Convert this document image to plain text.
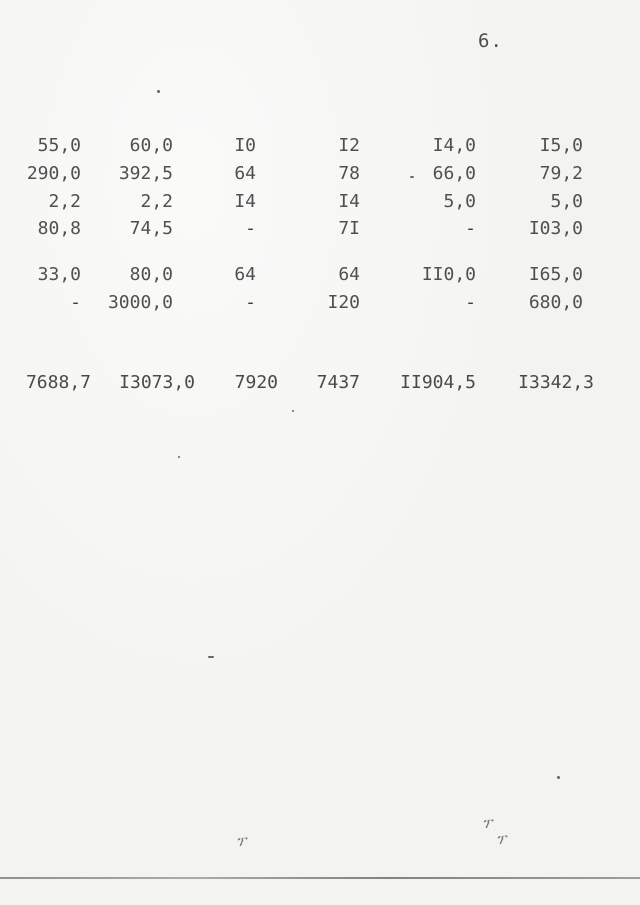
6.
55,0	60,0	I0	I2	I4,0	I5,0
290,0 392,5	64	78	66,0	79,2
2,2	2,2	I4	I4	5,0	5,0
80,8	74,5	-	7I	-	I03,0
33,0	80,0	64	64	II0,0	I65,0
- 3000,0	-	I20	-	680,0
7688,7 I3073,0 7920 7437 II904,5 I3342,3
ፕ
ፕ
ፕ
